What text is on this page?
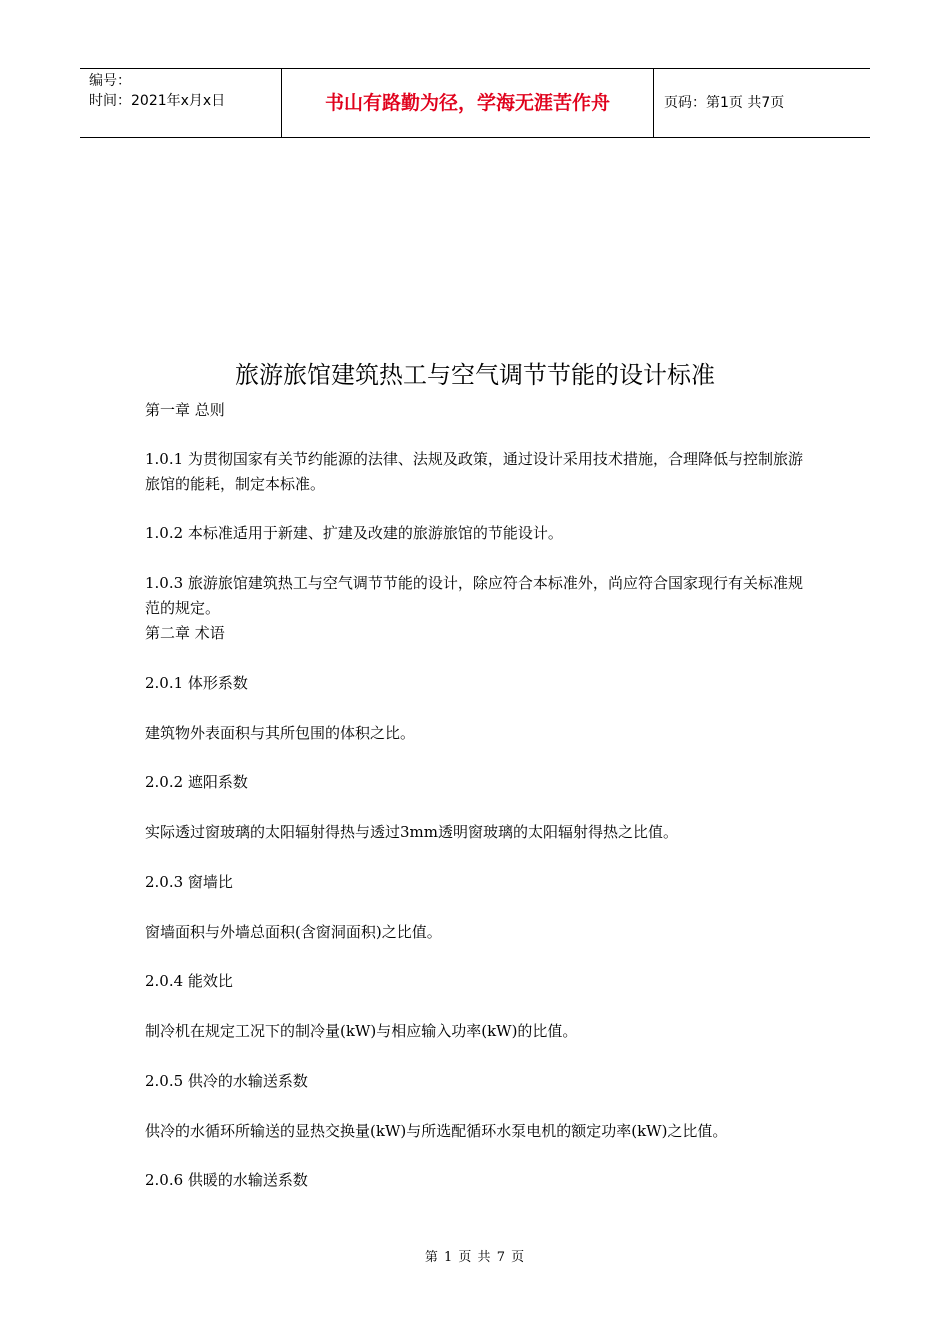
编号：
时间：2021年x月x日	书山有路勤为径，学海无涯苦作舟	页码：第1页 共7页
旅游旅馆建筑热工与空气调节节能的设计标准
第一章 总则
1.0.1 为贯彻国家有关节约能源的法律、法规及政策，通过设计采用技术措施，合理降低与控制旅游旅馆的能耗，制定本标准。
1.0.2 本标准适用于新建、扩建及改建的旅游旅馆的节能设计。
1.0.3 旅游旅馆建筑热工与空气调节节能的设计，除应符合本标准外，尚应符合国家现行有关标准规范的规定。
第二章 术语
2.0.1 体形系数
建筑物外表面积与其所包围的体积之比。
2.0.2 遮阳系数
实际透过窗玻璃的太阳辐射得热与透过3mm透明窗玻璃的太阳辐射得热之比值。
2.0.3 窗墙比
窗墙面积与外墙总面积(含窗洞面积)之比值。
2.0.4 能效比
制冷机在规定工况下的制冷量(kW)与相应输入功率(kW)的比值。
2.0.5 供冷的水输送系数
供冷的水循环所输送的显热交换量(kW)与所选配循环水泵电机的额定功率(kW)之比值。
2.0.6 供暖的水输送系数
第 1 页 共 7 页
